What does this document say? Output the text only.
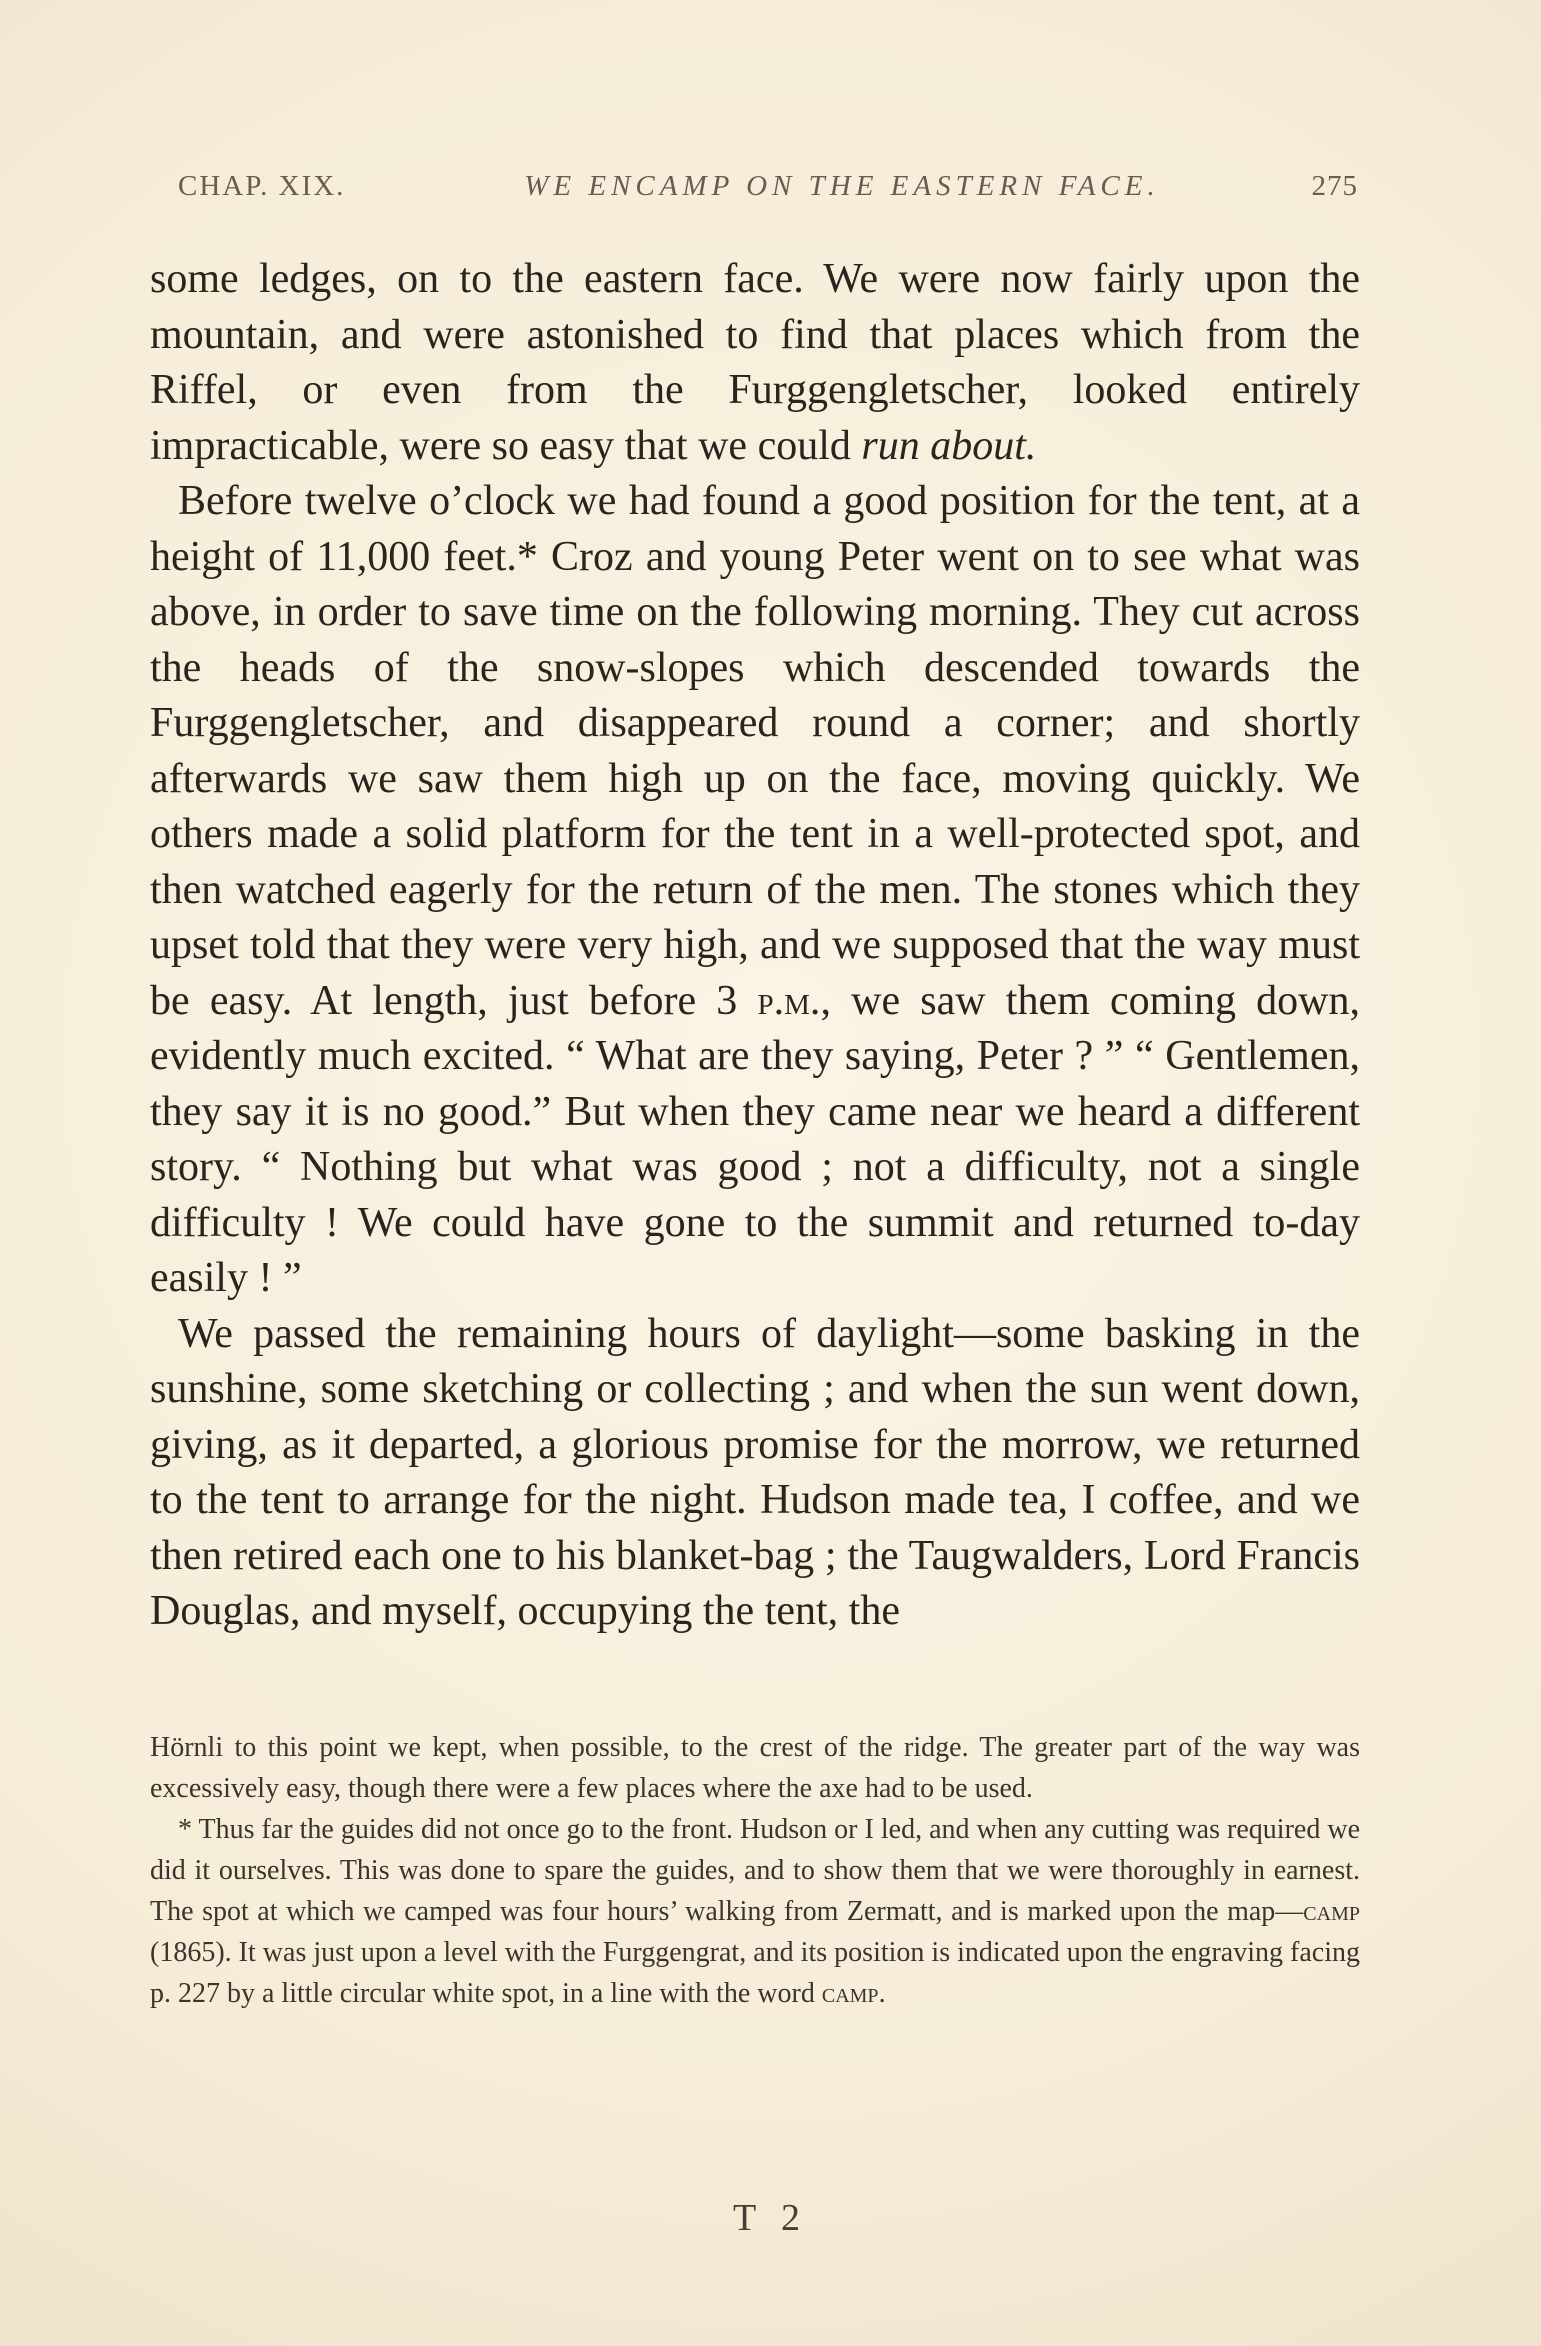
CHAP. XIX.	WE ENCAMP ON THE EASTERN FACE.	275

some ledges, on to the eastern face. We were now fairly upon the mountain, and were astonished to find that places which from the Riffel, or even from the Furggengletscher, looked entirely impracticable, were so easy that we could run about.

Before twelve o’clock we had found a good position for the tent, at a height of 11,000 feet.* Croz and young Peter went on to see what was above, in order to save time on the following morning. They cut across the heads of the snow-slopes which descended towards the Furggengletscher, and disappeared round a corner; and shortly afterwards we saw them high up on the face, moving quickly. We others made a solid platform for the tent in a well-protected spot, and then watched eagerly for the return of the men. The stones which they upset told that they were very high, and we supposed that the way must be easy. At length, just before 3 p.m., we saw them coming down, evidently much excited. “ What are they saying, Peter ? ” “ Gentlemen, they say it is no good.” But when they came near we heard a different story. “ Nothing but what was good ; not a difficulty, not a single difficulty ! We could have gone to the summit and returned to-day easily ! ”

We passed the remaining hours of daylight—some basking in the sunshine, some sketching or collecting ; and when the sun went down, giving, as it departed, a glorious promise for the morrow, we returned to the tent to arrange for the night. Hudson made tea, I coffee, and we then retired each one to his blanket-bag ; the Taugwalders, Lord Francis Douglas, and myself, occupying the tent, the

Hörnli to this point we kept, when possible, to the crest of the ridge. The greater part of the way was excessively easy, though there were a few places where the axe had to be used.

* Thus far the guides did not once go to the front. Hudson or I led, and when any cutting was required we did it ourselves. This was done to spare the guides, and to show them that we were thoroughly in earnest. The spot at which we camped was four hours’ walking from Zermatt, and is marked upon the map—camp (1865). It was just upon a level with the Furggengrat, and its position is indicated upon the engraving facing p. 227 by a little circular white spot, in a line with the word camp.

T 2
